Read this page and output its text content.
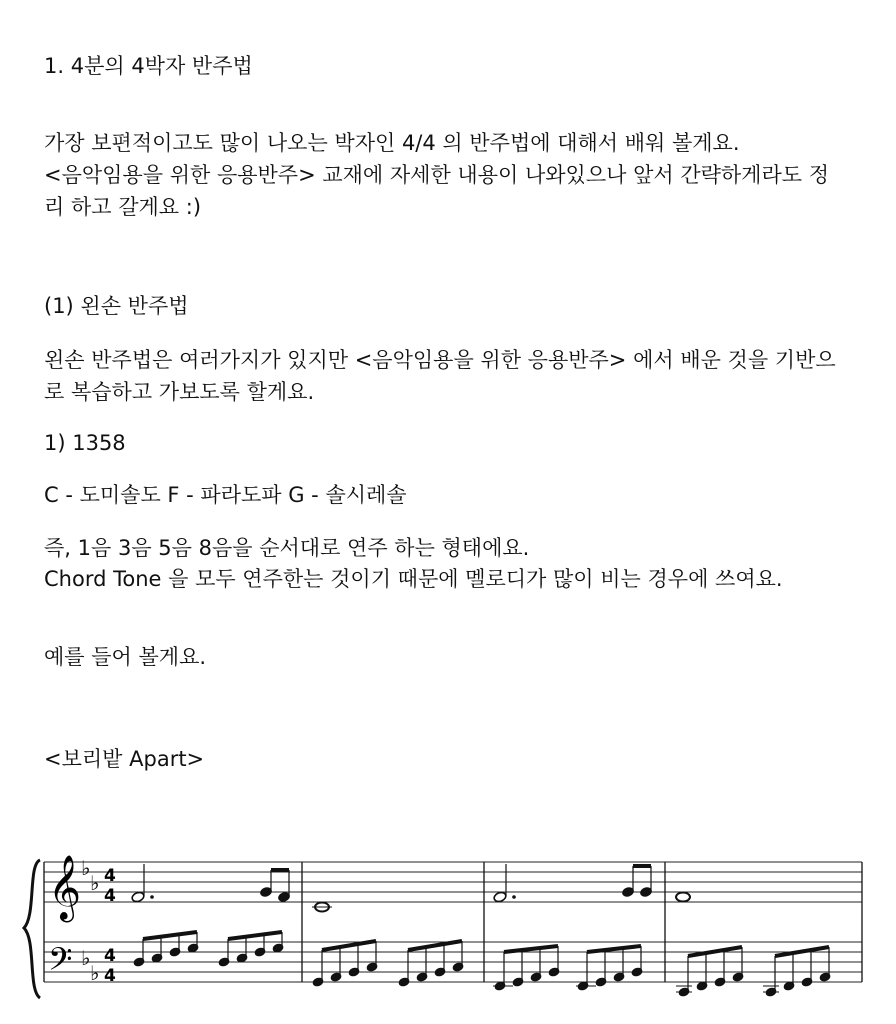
1. 4분의 4박자 반주법
가장 보편적이고도 많이 나오는 박자인 4/4 의 반주법에 대해서 배워 볼게요.
<음악임용을 위한 응용반주> 교재에 자세한 내용이 나와있으나 앞서 간략하게라도 정
리 하고 갈게요 :)
(1) 왼손 반주법
왼손 반주법은 여러가지가 있지만 <음악임용을 위한 응용반주> 에서 배운 것을 기반으
로 복습하고 가보도록 할게요.
1) 1358
C - 도미솔도 F - 파라도파 G - 솔시레솔
즉, 1음 3음 5음 8음을 순서대로 연주 하는 형태에요.
Chord Tone 을 모두 연주한는 것이기 때문에 멜로디가 많이 비는 경우에 쓰여요.
예를 들어 볼게요.
<보리밭 Apart>
𝄞
𝄢
♭
♭
♭
♭
4
4
4
4
